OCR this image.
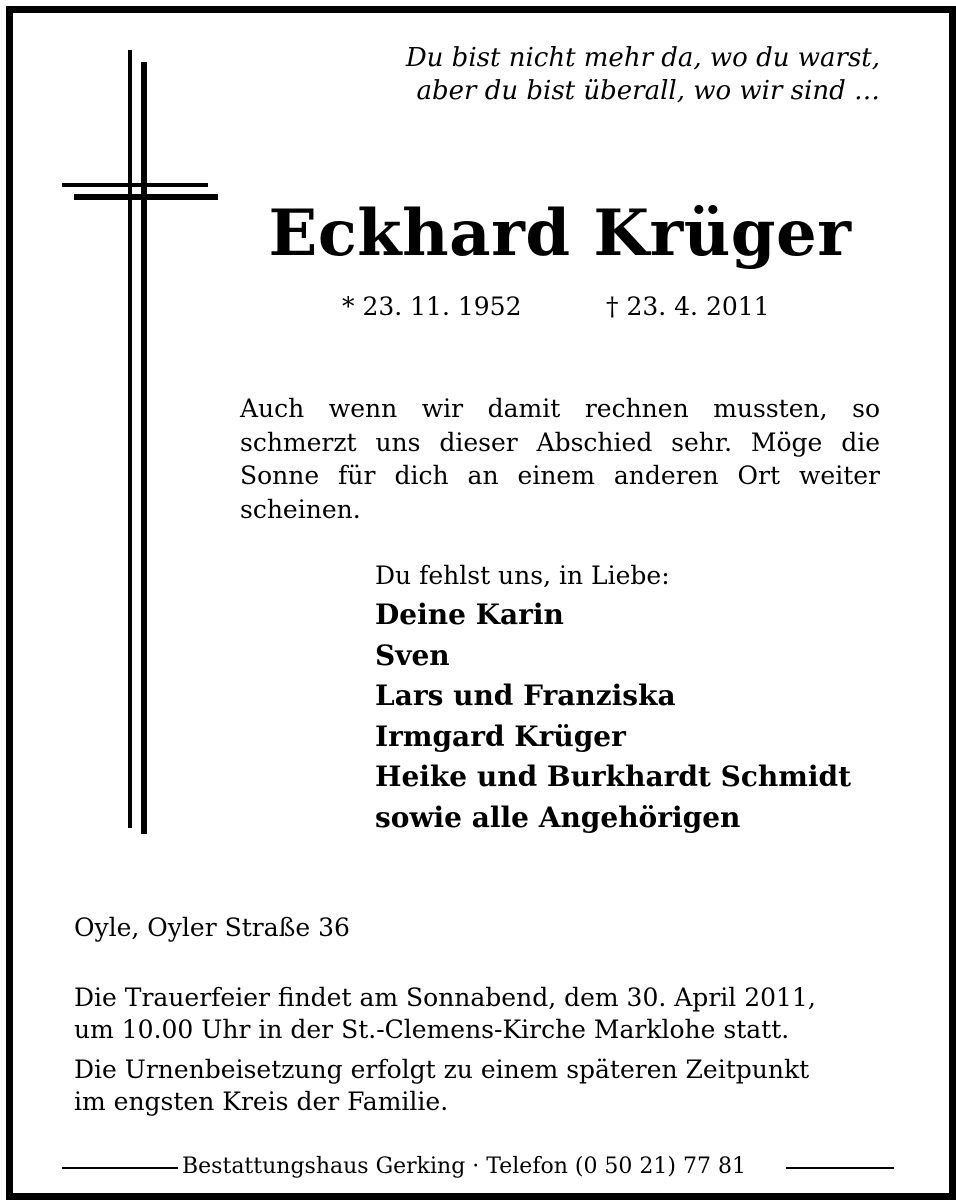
Du bist nicht mehr da, wo du warst,
aber du bist überall, wo wir sind …
Eckhard Krüger
* 23. 11. 1952	† 23. 4. 2011
Auch wenn wir damit rechnen mussten, so schmerzt uns dieser Abschied sehr. Möge die Sonne für dich an einem anderen Ort weiter scheinen.
Du fehlst uns, in Liebe:
Deine Karin
Sven
Lars und Franziska
Irmgard Krüger
Heike und Burkhardt Schmidt
sowie alle Angehörigen
Oyle, Oyler Straße 36
Die Trauerfeier findet am Sonnabend, dem 30. April 2011,
um 10.00 Uhr in der St.-Clemens-Kirche Marklohe statt.
Die Urnenbeisetzung erfolgt zu einem späteren Zeitpunkt
im engsten Kreis der Familie.
Bestattungshaus Gerking · Telefon (0 50 21) 77 81
